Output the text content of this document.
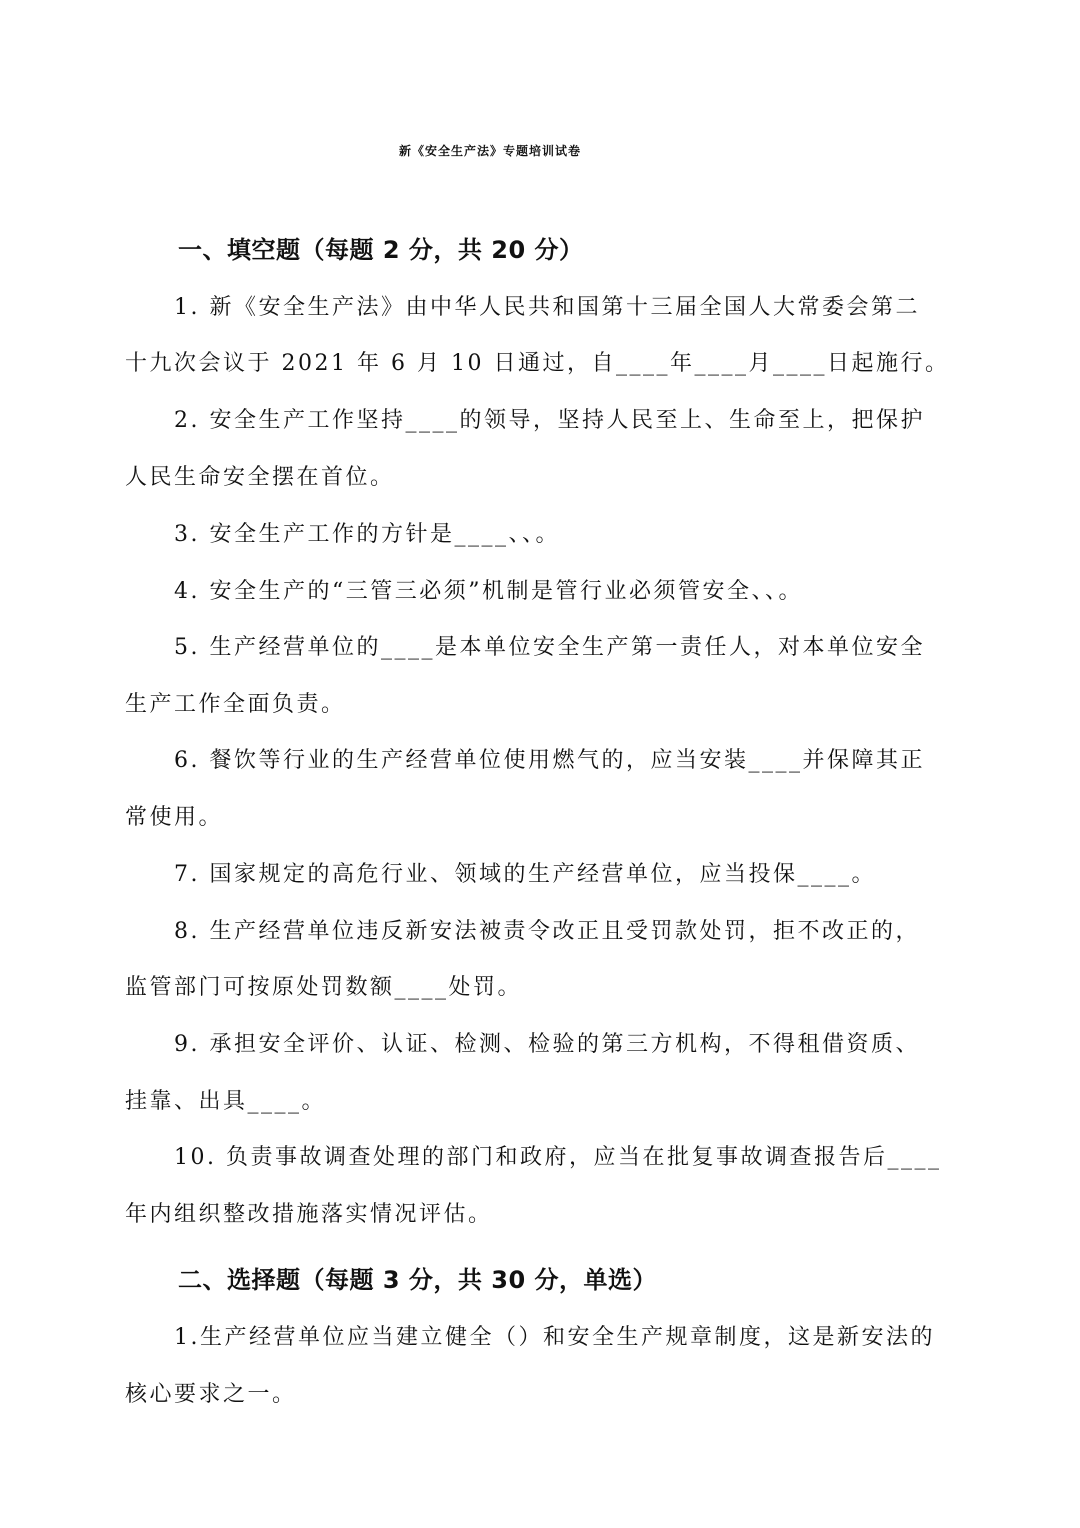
新《安全生产法》专题培训试卷
一、填空题（每题 2 分，共 20 分）
1. 新《安全生产法》由中华人民共和国第十三届全国人大常委会第二
十九次会议于 2021 年 6 月 10 日通过，自____年____月____日起施行。
2. 安全生产工作坚持____的领导，坚持人民至上、生命至上，把保护
人民生命安全摆在首位。
3. 安全生产工作的方针是____、、。
4. 安全生产的“三管三必须”机制是管行业必须管安全、、。
5. 生产经营单位的____是本单位安全生产第一责任人，对本单位安全
生产工作全面负责。
6. 餐饮等行业的生产经营单位使用燃气的，应当安装____并保障其正
常使用。
7. 国家规定的高危行业、领域的生产经营单位，应当投保____。
8. 生产经营单位违反新安法被责令改正且受罚款处罚，拒不改正的，
监管部门可按原处罚数额____处罚。
9. 承担安全评价、认证、检测、检验的第三方机构，不得租借资质、
挂靠、出具____。
10. 负责事故调查处理的部门和政府，应当在批复事故调查报告后____
年内组织整改措施落实情况评估。
二、选择题（每题 3 分，共 30 分，单选）
1.生产经营单位应当建立健全（）和安全生产规章制度，这是新安法的
核心要求之一。
